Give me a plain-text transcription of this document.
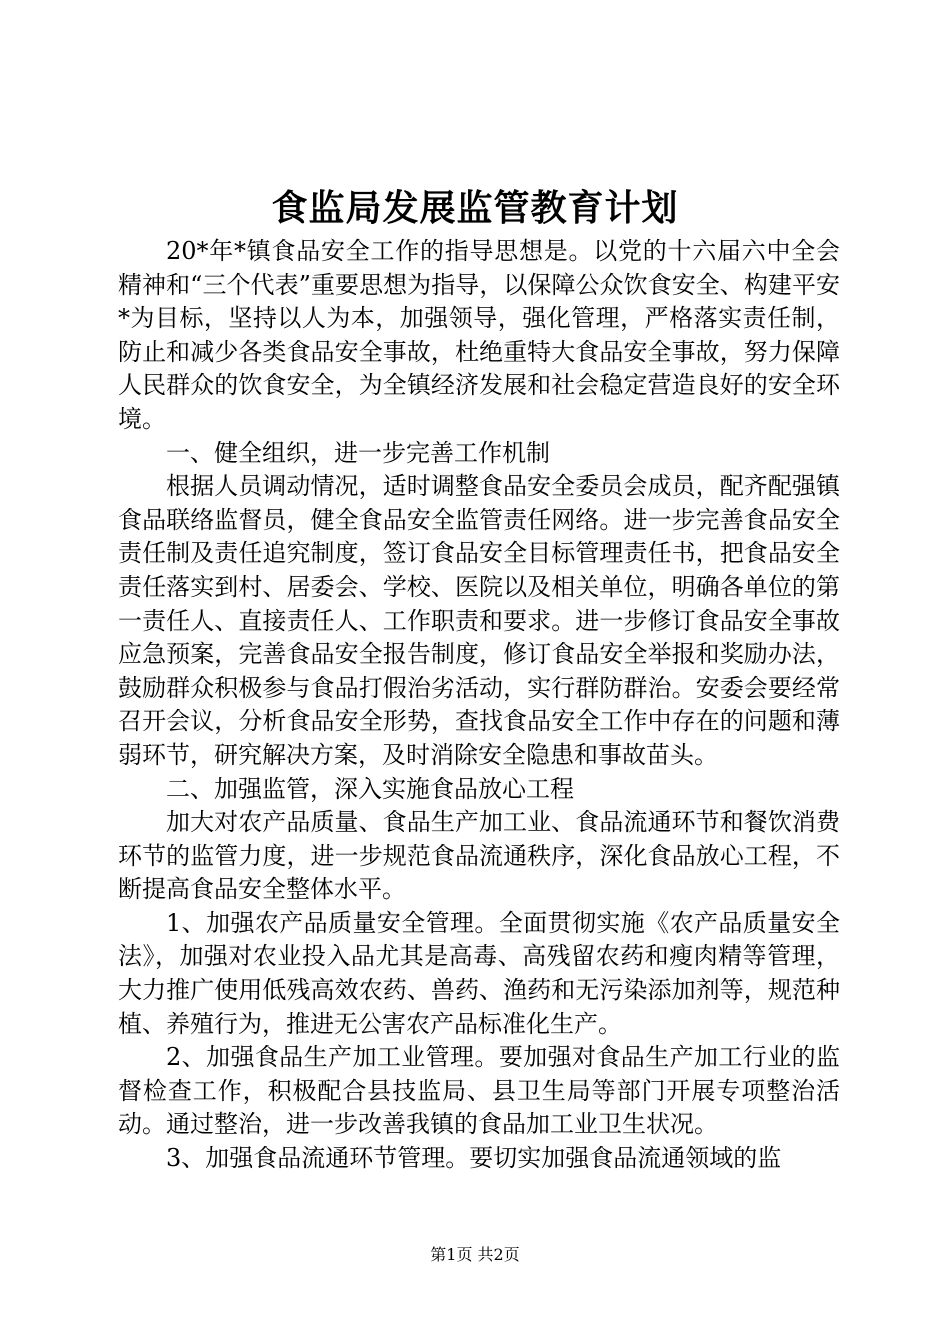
食监局发展监管教育计划

20*年*镇食品安全工作的指导思想是。以党的十六届六中全会精神和“三个代表”重要思想为指导，以保障公众饮食安全、构建平安*为目标，坚持以人为本，加强领导，强化管理，严格落实责任制，防止和减少各类食品安全事故，杜绝重特大食品安全事故，努力保障人民群众的饮食安全，为全镇经济发展和社会稳定营造良好的安全环境。

一、健全组织，进一步完善工作机制

根据人员调动情况，适时调整食品安全委员会成员，配齐配强镇食品联络监督员，健全食品安全监管责任网络。进一步完善食品安全责任制及责任追究制度，签订食品安全目标管理责任书，把食品安全责任落实到村、居委会、学校、医院以及相关单位，明确各单位的第一责任人、直接责任人、工作职责和要求。进一步修订食品安全事故应急预案，完善食品安全报告制度，修订食品安全举报和奖励办法，鼓励群众积极参与食品打假治劣活动，实行群防群治。安委会要经常召开会议，分析食品安全形势，查找食品安全工作中存在的问题和薄弱环节，研究解决方案，及时消除安全隐患和事故苗头。

二、加强监管，深入实施食品放心工程

加大对农产品质量、食品生产加工业、食品流通环节和餐饮消费环节的监管力度，进一步规范食品流通秩序，深化食品放心工程，不断提高食品安全整体水平。

1、加强农产品质量安全管理。全面贯彻实施《农产品质量安全法》，加强对农业投入品尤其是高毒、高残留农药和瘦肉精等管理，大力推广使用低残高效农药、兽药、渔药和无污染添加剂等，规范种植、养殖行为，推进无公害农产品标准化生产。

2、加强食品生产加工业管理。要加强对食品生产加工行业的监督检查工作，积极配合县技监局、县卫生局等部门开展专项整治活动。通过整治，进一步改善我镇的食品加工业卫生状况。

3、加强食品流通环节管理。要切实加强食品流通领域的监

第1页 共2页
